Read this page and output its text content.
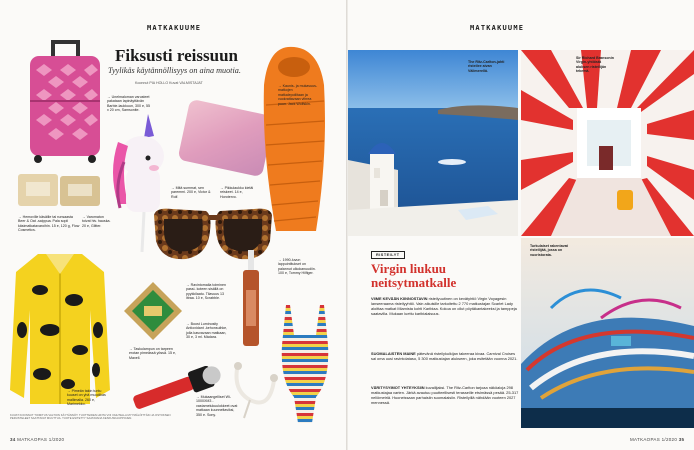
MATKAKUUME
Fiksusti reissuun
Tyylikäs käytännöllisyys on aina muotia.
Koonnut PIA HOLLO Kuvat VALMISTAJAT
→ Unelmaloman varusteet pakataan lapinäyttävän Barbie-laukkuun, 300 e, 55 x 20 cm, Samsonite.
→ Hemoville käsäille tai runsaasta Beer & Oat -saippua. Pala sopii käsimatkatavaroihin. 15 e, 120 g, Flow Cosmetics.
→ Varomaton toivat hiv. hauska. 20 e, Glitter.
→ Mitä summat, sen paremmi. 200 e, Victor & Rolf.
→ Pikkulaukku kietäi reiskeet. 14 e, Horotervo.
→ Kaunis- ja mukavuus-matkojen matkalepoilitaan ja vuokrattavaan vihrea puun. Jack Wolfskin.
→ Pimeän takin tuntu kuuset on yhä muodikas mallimalla. 260 e, Marimekko.
→ Ravintomalla toiminen passi- koteen sisällä on pyykkilaatu. Tilavuus 13 litraa. 10 e, Scrabble.
→ Boost Luminosity Antioxidant -kehonsuihke, jolla kasvavaan matkaan, 30 e, 3 ml. Mádara.
→ 1990-luvun lappuintitukset on palannut ulkokanuudiin. 100 e, Tommy Hilfiger.
→ Taskulampun on tarpeen erotan pimeässä yössä. 15 e, Maxell.
→ Mukaangelliset Wi-1000XM3 -vastamelukuulokkeet ovat matkaan kuunneltaviksi, 350 e. Sony.
KUVAT KOONNUT TOIMITUS VALTION KÄYTÄNNÖT. TUOTTEIDEN HINTA VOI VAIHTELLA MYYMÄLÖITTÄIN JA OSTOKSEN PERUSTELEET SAATTAVAT MUUTTUA. TUOTE ESITETTY SAATAVANA KESKUSKAUPPOJEN.
34 MATKAOPAS 1/2020
MATKAKUUME
The Ritz-Carlton-jahti risteilee aivan Välimerellä.
Sir Richard Bransonin Virgin-yhtiöstä aluksen risteilijän tekemä.
Turkulaiset rakentavat risteilijää, jossa on vuoristorata.
RISTEILYT
Virgin liukuu neitsytmatkalle
VIIME KEVÄÄN KIINNOSTAVIN risteilyuutinen on kevätyhtiö Virgin Voyagesin lanseeraama risteilyyhtiö. Vain aikuisille tarkoitettu 2 770 matkustajan Scarlet Lady aloittaa matkat Miamista kohti Karibiaa. Kokoa on ollut pöytäkantakeeksi ja tamppeja saatavilla. Mukaan luettu karibialaisuus.
SUOMALAISTEN MAINE pätevänä risteilykulkijan takeeraa kivaa. Carnival Cruises sai oma uusi ravintolataso, 5 300 matkustajan alukseen, joka esitetään vuonna 2021.
VÄRITYSYIMOT YHTEYKSIIN kuvailijaksi. The Ritz-Carlton tarjoaa näköaloja 298 matkustajaa varten. Järkä avautuu puutteellisesti terasseille etsimässä pesää. 25-317 neliömetriä. Huoneissaan parhaisiin suomalaisiin. Risteilyillä nähdään vuoteen 2027 mennessä.
MATKAOPAS 1/2020 35
